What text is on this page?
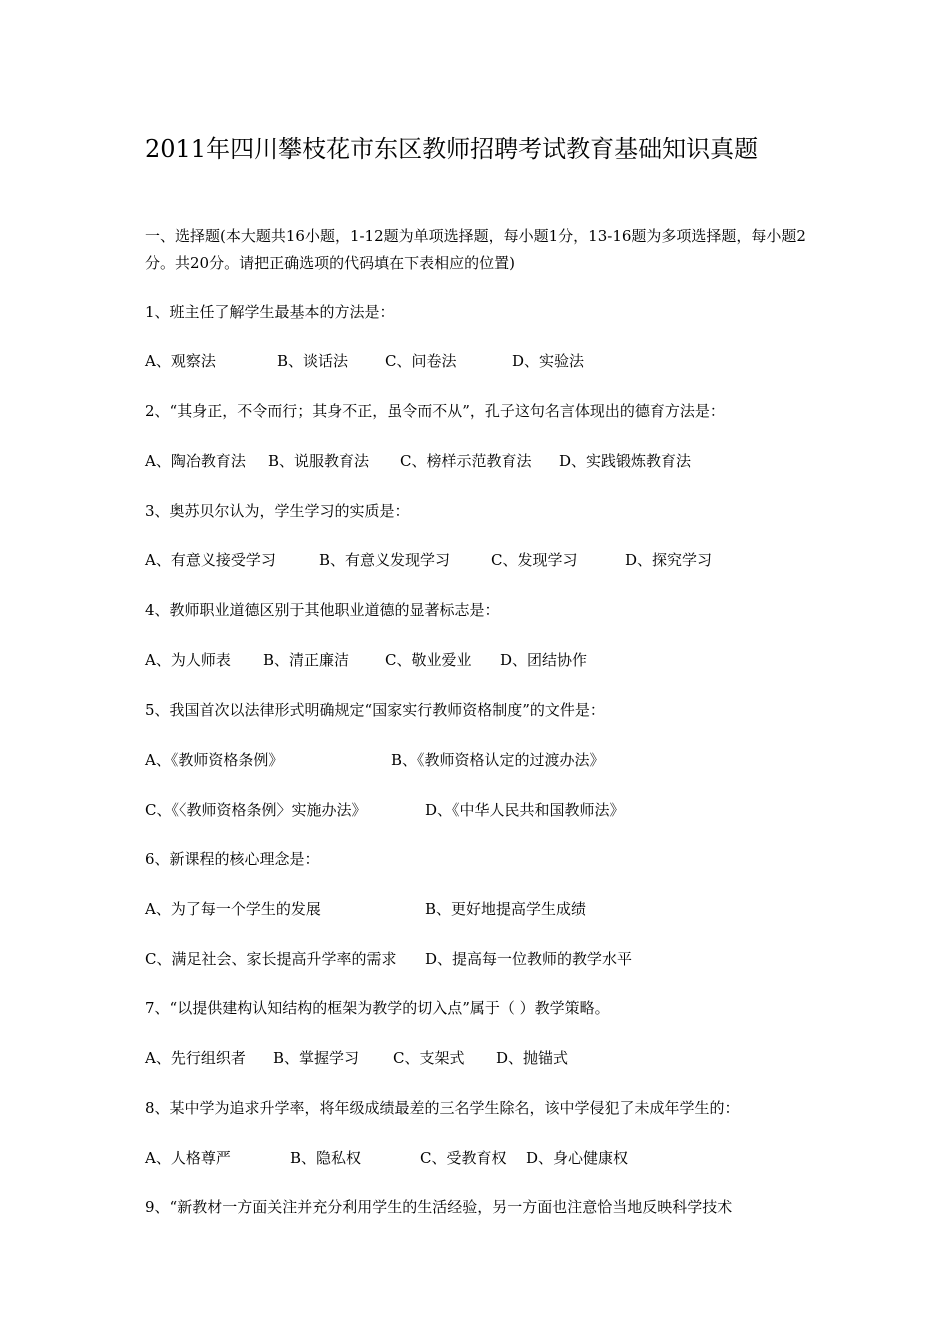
2011年四川攀枝花市东区教师招聘考试教育基础知识真题
一、选择题(本大题共16小题，1-12题为单项选择题，每小题1分，13-16题为多项选择题，每小题2分。共20分。请把正确选项的代码填在下表相应的位置)
1、班主任了解学生最基本的方法是：
A、观察法	B、谈话法 C、问卷法	D、实验法
2、“其身正，不令而行；其身不正，虽令而不从”，孔子这句名言体现出的德育方法是：
A、陶冶教育法 B、说服教育法 C、榜样示范教育法 D、实践锻炼教育法
3、奥苏贝尔认为，学生学习的实质是：
A、有意义接受学习	B、有意义发现学习	C、发现学习	D、探究学习
4、教师职业道德区别于其他职业道德的显著标志是：
A、为人师表 B、清正廉洁 C、敬业爱业 D、团结协作
5、我国首次以法律形式明确规定“国家实行教师资格制度”的文件是：
A、《教师资格条例》	B、《教师资格认定的过渡办法》
C、《〈教师资格条例〉实施办法》	D、《中华人民共和国教师法》
6、新课程的核心理念是：
A、为了每一个学生的发展	B、更好地提高学生成绩
C、满足社会、家长提高升学率的需求 D、提高每一位教师的教学水平
7、“以提供建构认知结构的框架为教学的切入点”属于（ ）教学策略。
A、先行组织者 B、掌握学习 C、支架式 D、抛锚式
8、某中学为追求升学率，将年级成绩最差的三名学生除名，该中学侵犯了未成年学生的：
A、人格尊严	B、隐私权	C、受教育权 D、身心健康权
9、“新教材一方面关注并充分利用学生的生活经验，另一方面也注意恰当地反映科学技术
